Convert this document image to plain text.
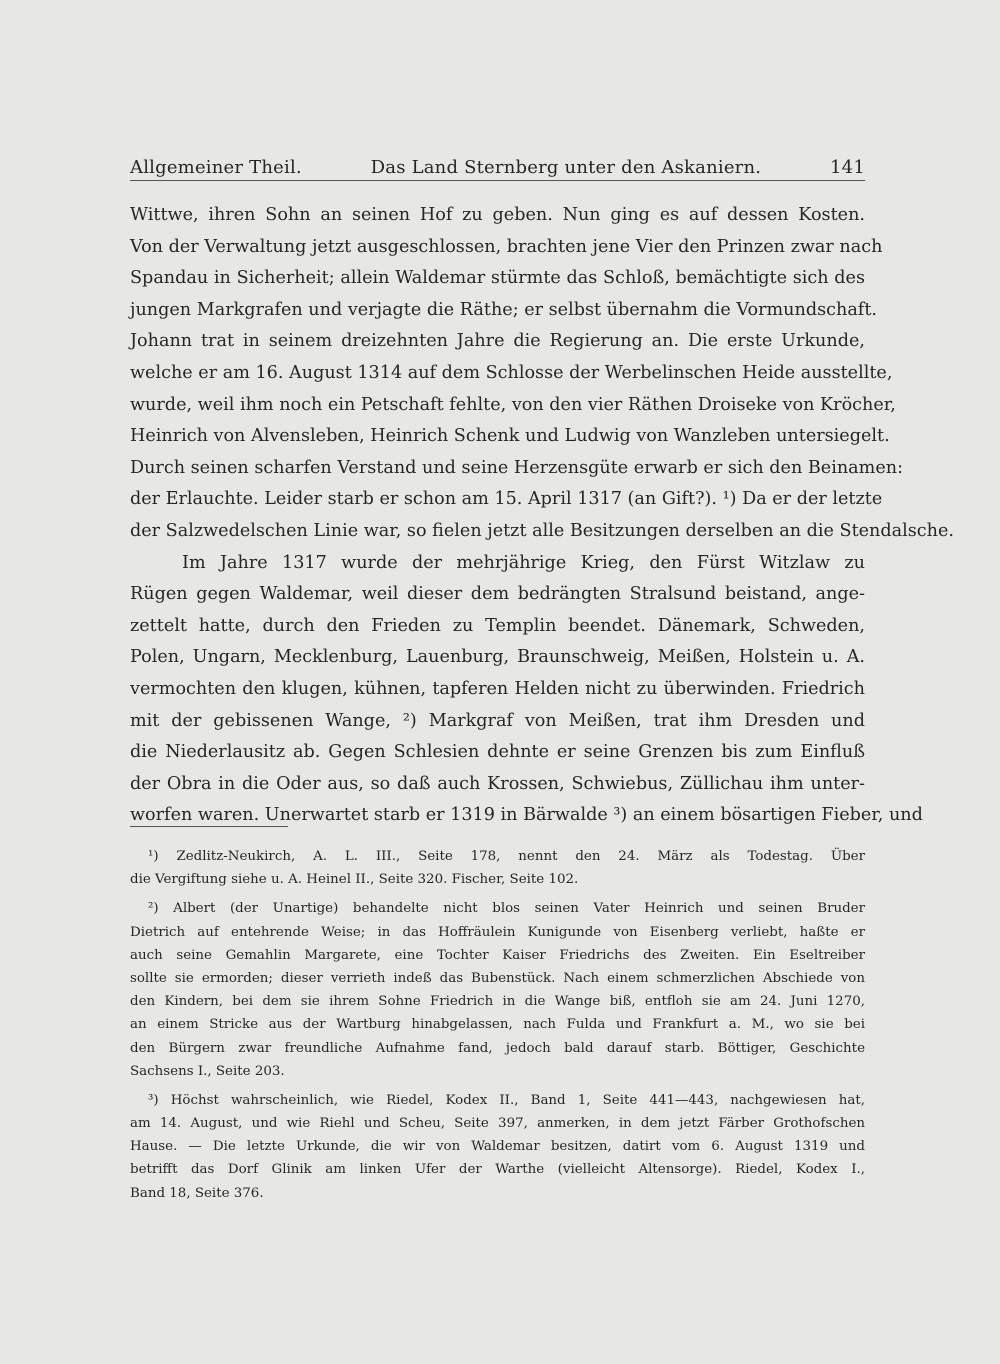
Allgemeiner Theil.	Das Land Sternberg unter den Askaniern.	141
Wittwe, ihren Sohn an seinen Hof zu geben. Nun ging es auf dessen Kosten.
Von der Verwaltung jetzt ausgeschlossen, brachten jene Vier den Prinzen zwar nach
Spandau in Sicherheit; allein Waldemar stürmte das Schloß, bemächtigte sich des
jungen Markgrafen und verjagte die Räthe; er selbst übernahm die Vormundschaft.
Johann trat in seinem dreizehnten Jahre die Regierung an. Die erste Urkunde,
welche er am 16. August 1314 auf dem Schlosse der Werbelinschen Heide ausstellte,
wurde, weil ihm noch ein Petschaft fehlte, von den vier Räthen Droiseke von Kröcher,
Heinrich von Alvensleben, Heinrich Schenk und Ludwig von Wanzleben untersiegelt.
Durch seinen scharfen Verstand und seine Herzensgüte erwarb er sich den Beinamen:
der Erlauchte. Leider starb er schon am 15. April 1317 (an Gift?). ¹) Da er der letzte
der Salzwedelschen Linie war, so fielen jetzt alle Besitzungen derselben an die Stendalsche.
Im Jahre 1317 wurde der mehrjährige Krieg, den Fürst Witzlaw zu
Rügen gegen Waldemar, weil dieser dem bedrängten Stralsund beistand, ange-
zettelt hatte, durch den Frieden zu Templin beendet. Dänemark, Schweden,
Polen, Ungarn, Mecklenburg, Lauenburg, Braunschweig, Meißen, Holstein u. A.
vermochten den klugen, kühnen, tapferen Helden nicht zu überwinden. Friedrich
mit der gebissenen Wange, ²) Markgraf von Meißen, trat ihm Dresden und
die Niederlausitz ab. Gegen Schlesien dehnte er seine Grenzen bis zum Einfluß
der Obra in die Oder aus, so daß auch Krossen, Schwiebus, Züllichau ihm unter-
worfen waren. Unerwartet starb er 1319 in Bärwalde ³) an einem bösartigen Fieber, und
¹) Zedlitz-Neukirch, A. L. III., Seite 178, nennt den 24. März als Todestag. Über
die Vergiftung siehe u. A. Heinel II., Seite 320. Fischer, Seite 102.
²) Albert (der Unartige) behandelte nicht blos seinen Vater Heinrich und seinen Bruder
Dietrich auf entehrende Weise; in das Hoffräulein Kunigunde von Eisenberg verliebt, haßte er
auch seine Gemahlin Margarete, eine Tochter Kaiser Friedrichs des Zweiten. Ein Eseltreiber
sollte sie ermorden; dieser verrieth indeß das Bubenstück. Nach einem schmerzlichen Abschiede von
den Kindern, bei dem sie ihrem Sohne Friedrich in die Wange biß, entfloh sie am 24. Juni 1270,
an einem Stricke aus der Wartburg hinabgelassen, nach Fulda und Frankfurt a. M., wo sie bei
den Bürgern zwar freundliche Aufnahme fand, jedoch bald darauf starb. Böttiger, Geschichte
Sachsens I., Seite 203.
³) Höchst wahrscheinlich, wie Riedel, Kodex II., Band 1, Seite 441—443, nachgewiesen hat,
am 14. August, und wie Riehl und Scheu, Seite 397, anmerken, in dem jetzt Färber Grothofschen
Hause. — Die letzte Urkunde, die wir von Waldemar besitzen, datirt vom 6. August 1319 und
betrifft das Dorf Glinik am linken Ufer der Warthe (vielleicht Altensorge). Riedel, Kodex I.,
Band 18, Seite 376.
